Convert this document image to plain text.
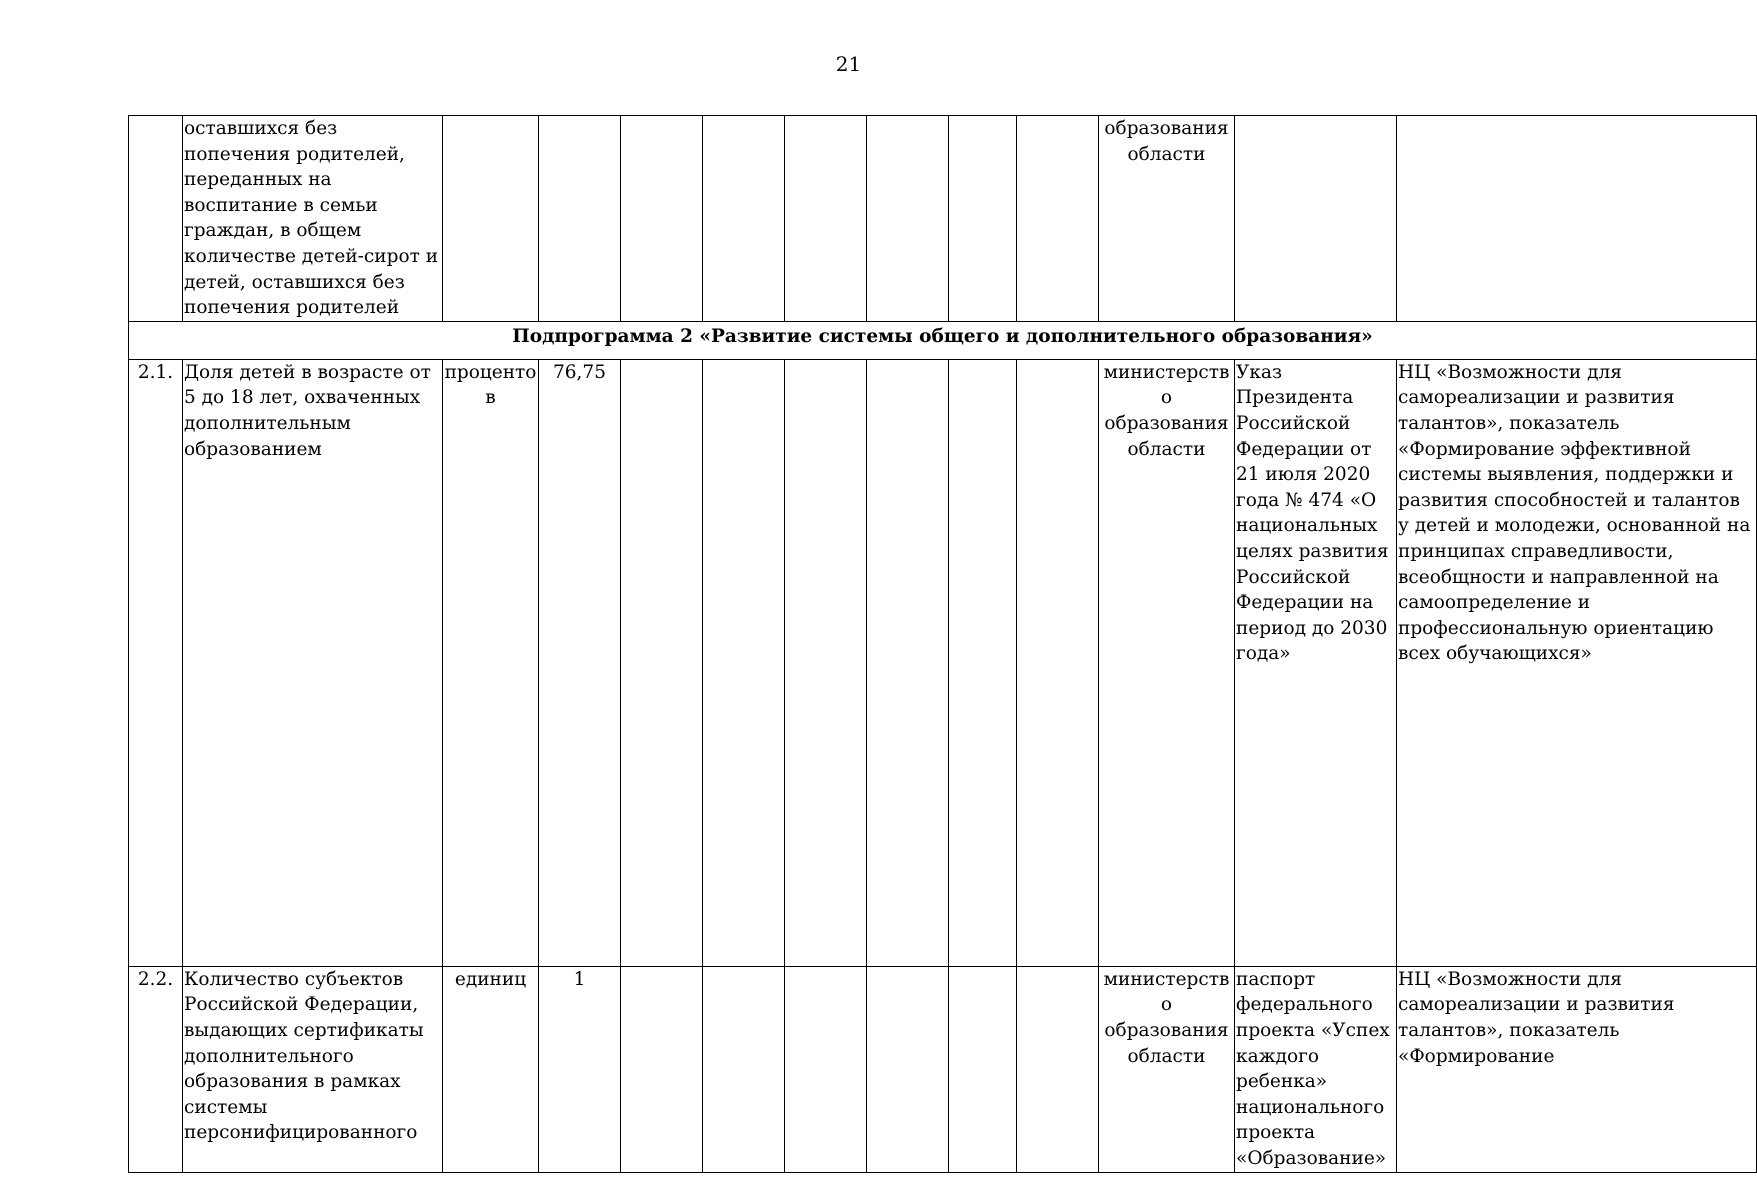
21
	оставшихся без попечения родителей, переданных на воспитание в семьи граждан, в общем количестве детей-сирот и детей, оставшихся без попечения родителей									образования области		
Подпрограмма 2 «Развитие системы общего и дополнительного образования»												
2.1.	Доля детей в возрасте от 5 до 18 лет, охваченных дополнительным образованием	процентов	76,75							министерство образования области	Указ Президента Российской Федерации от 21 июля 2020 года № 474 «О национальных целях развития Российской Федерации на период до 2030 года»	НЦ «Возможности для самореализации и развития талантов», показатель «Формирование эффективной системы выявления, поддержки и развития способностей и талантов у детей и молодежи, основанной на принципах справедливости, всеобщности и направленной на самоопределение и профессиональную ориентацию всех обучающихся»
2.2.	Количество субъектов Российской Федерации, выдающих сертификаты дополнительного образования в рамках системы персонифицированного	единиц	1							министерство образования области	паспорт федерального проекта «Успех каждого ребенка» национального проекта «Образование»	НЦ «Возможности для самореализации и развития талантов», показатель «Формирование
